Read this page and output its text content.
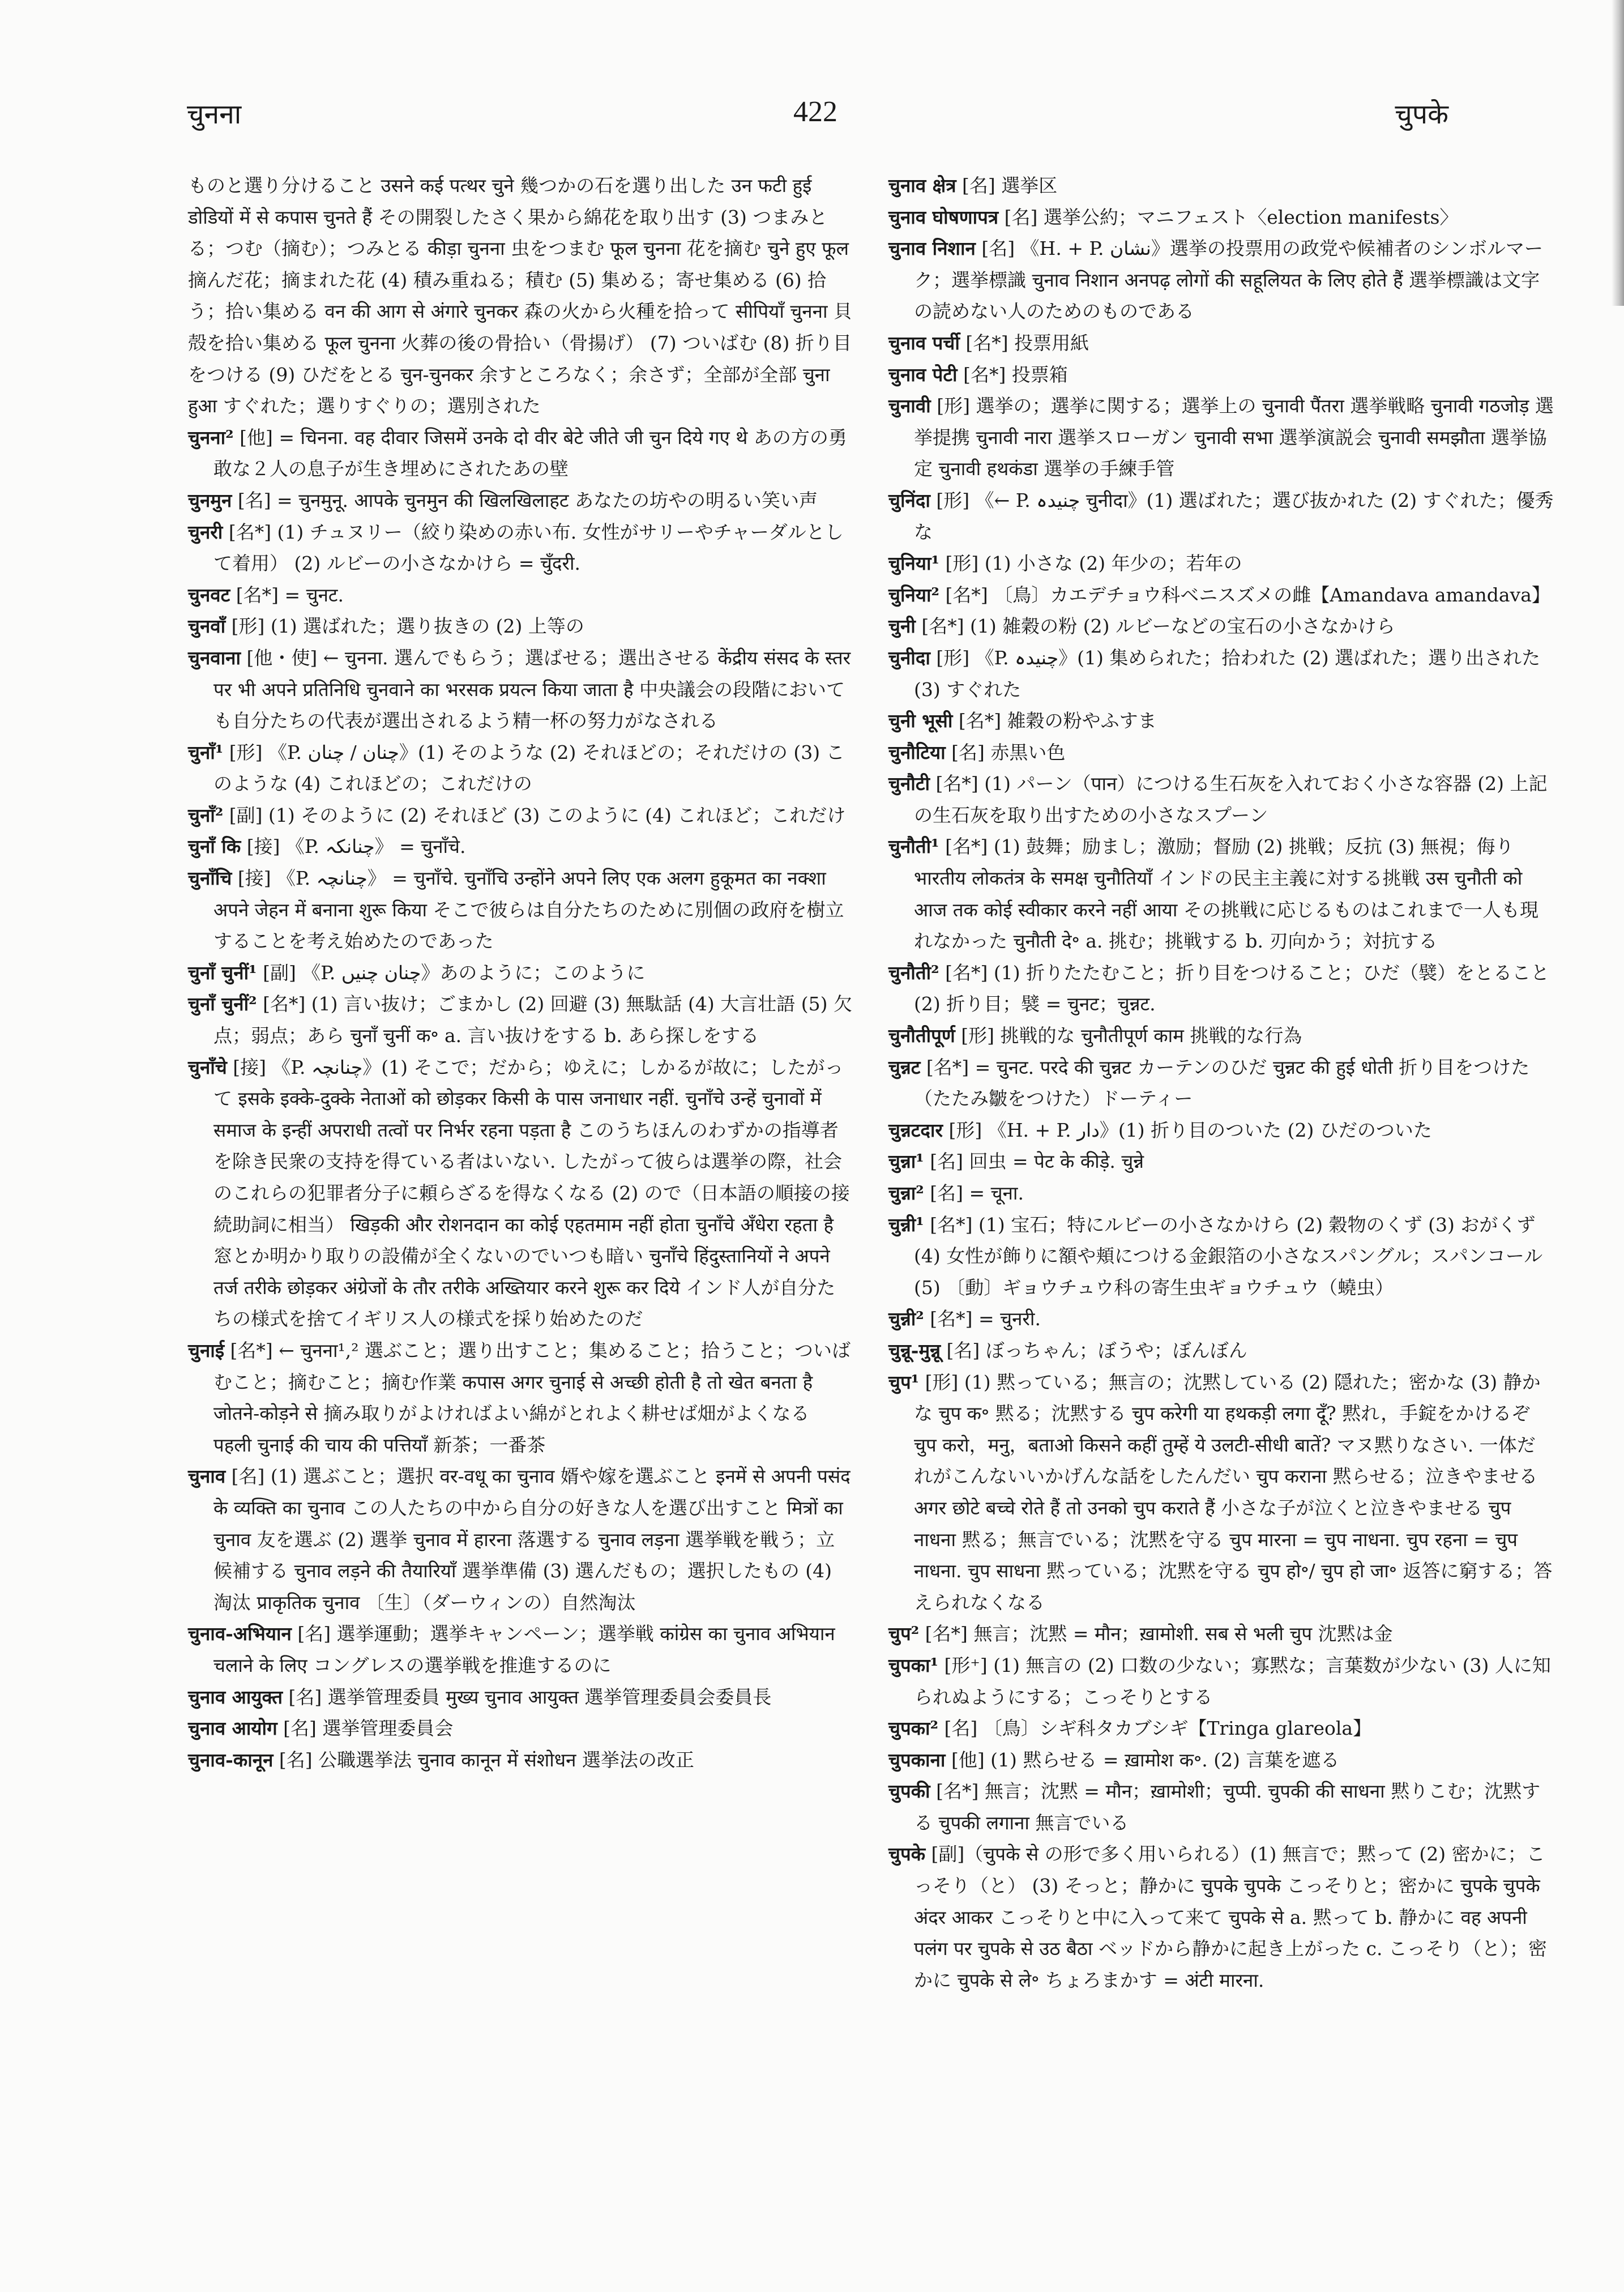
चुनना	422	चुपके

ものと選り分けること उसने कई पत्थर चुने 幾つかの石を選り出した उन फटी हुई डोडियों में से कपास चुनते हैं その開裂したさく果から綿花を取り出す (3) つまみとる；つむ（摘む）；つみとる कीड़ा चुनना 虫をつまむ फूल चुनना 花を摘む चुने हुए फूल 摘んだ花；摘まれた花 (4) 積み重ねる；積む (5) 集める；寄せ集める (6) 拾う；拾い集める वन की आग से अंगारे चुनकर 森の火から火種を拾って सीपियाँ चुनना 貝殻を拾い集める फूल चुनना 火葬の後の骨拾い（骨揚げ） (7) ついばむ (8) 折り目をつける (9) ひだをとる चुन-चुनकर 余すところなく；余さず；全部が全部 चुना हुआ すぐれた；選りすぐりの；選別された

चुनना² [他] = चिनना. वह दीवार जिसमें उनके दो वीर बेटे जीते जी चुन दिये गए थे あの方の勇敢な２人の息子が生き埋めにされたあの壁

चुनमुन [名] = चुनमुनू. आपके चुनमुन की खिलखिलाहट あなたの坊やの明るい笑い声

चुनरी [名*] (1) チュヌリー（絞り染めの赤い布. 女性がサリーやチャーダルとして着用） (2) ルビーの小さなかけら = चुँदरी.

चुनवट [名*] = चुनट.

चुनवाँ [形] (1) 選ばれた；選り抜きの (2) 上等の

चुनवाना [他・使] ← चुनना. 選んでもらう；選ばせる；選出させる केंद्रीय संसद के स्तर पर भी अपने प्रतिनिधि चुनवाने का भरसक प्रयत्न किया जाता है 中央議会の段階においても自分たちの代表が選出されるよう精一杯の努力がなされる

चुनाँ¹ [形] 《P. چنان / چنان》(1) そのような (2) それほどの；それだけの (3) このような (4) これほどの；これだけの

चुनाँ² [副] (1) そのように (2) それほど (3) このように (4) これほど；これだけ

चुनाँ कि [接] 《P. چنانکہ》 = चुनाँचे.

चुनाँचि [接] 《P. چنانچہ》 = चुनाँचे. चुनाँचि उन्होंने अपने लिए एक अलग हुकूमत का नक्शा अपने जेहन में बनाना शुरू किया そこで彼らは自分たちのために別個の政府を樹立することを考え始めたのであった

चुनाँ चुनीं¹ [副] 《P. چنان چنیں》あのように；このように

चुनाँ चुनीं² [名*] (1) 言い抜け；ごまかし (2) 回避 (3) 無駄話 (4) 大言壮語 (5) 欠点；弱点；あら चुनाँ चुनीं क॰ a. 言い抜けをする b. あら探しをする

चुनाँचे [接] 《P. چنانچہ》(1) そこで；だから；ゆえに；しかるが故に；したがって इसके इक्के-दुक्के नेताओं को छोड़कर किसी के पास जनाधार नहीं. चुनाँचे उन्हें चुनावों में समाज के इन्हीं अपराधी तत्वों पर निर्भर रहना पड़ता है このうちほんのわずかの指導者を除き民衆の支持を得ている者はいない. したがって彼らは選挙の際，社会のこれらの犯罪者分子に頼らざるを得なくなる (2) ので（日本語の順接の接続助詞に相当） खिड़की और रोशनदान का कोई एहतमाम नहीं होता चुनाँचे अँधेरा रहता है 窓とか明かり取りの設備が全くないのでいつも暗い चुनाँचे हिंदुस्तानियों ने अपने तर्ज तरीके छोड़कर अंग्रेजों के तौर तरीके अख्तियार करने शुरू कर दिये インド人が自分たちの様式を捨てイギリス人の様式を採り始めたのだ

चुनाई [名*] ← चुनना¹,² 選ぶこと；選り出すこと；集めること；拾うこと；ついばむこと；摘むこと；摘む作業 कपास अगर चुनाई से अच्छी होती है तो खेत बनता है जोतने-कोड़ने से 摘み取りがよければよい綿がとれよく耕せば畑がよくなる पहली चुनाई की चाय की पत्तियाँ 新茶；一番茶

चुनाव [名] (1) 選ぶこと；選択 वर-वधू का चुनाव 婿や嫁を選ぶこと इनमें से अपनी पसंद के व्यक्ति का चुनाव この人たちの中から自分の好きな人を選び出すこと मित्रों का चुनाव 友を選ぶ (2) 選挙 चुनाव में हारना 落選する चुनाव लड़ना 選挙戦を戦う；立候補する चुनाव लड़ने की तैयारियाँ 選挙準備 (3) 選んだもの；選択したもの (4) 淘汰 प्राकृतिक चुनाव 〔生〕（ダーウィンの）自然淘汰

चुनाव-अभियान [名] 選挙運動；選挙キャンペーン；選挙戦 कांग्रेस का चुनाव अभियान चलाने के लिए コングレスの選挙戦を推進するのに

चुनाव आयुक्त [名] 選挙管理委員 मुख्य चुनाव आयुक्त 選挙管理委員会委員長

चुनाव आयोग [名] 選挙管理委員会

चुनाव-कानून [名] 公職選挙法 चुनाव कानून में संशोधन 選挙法の改正

चुनाव क्षेत्र [名] 選挙区

चुनाव घोषणापत्र [名] 選挙公約；マニフェスト〈election manifests〉

चुनाव निशान [名] 《H. + P. نشان》選挙の投票用の政党や候補者のシンボルマーク；選挙標識 चुनाव निशान अनपढ़ लोगों की सहूलियत के लिए होते हैं 選挙標識は文字の読めない人のためのものである

चुनाव पर्ची [名*] 投票用紙

चुनाव पेटी [名*] 投票箱

चुनावी [形] 選挙の；選挙に関する；選挙上の चुनावी पैंतरा 選挙戦略 चुनावी गठजोड़ 選挙提携 चुनावी नारा 選挙スローガン चुनावी सभा 選挙演説会 चुनावी समझौता 選挙協定 चुनावी हथकंडा 選挙の手練手管

चुनिंदा [形] 《← P. چنیدہ चुनीदा》(1) 選ばれた；選び抜かれた (2) すぐれた；優秀な

चुनिया¹ [形] (1) 小さな (2) 年少の；若年の

चुनिया² [名*] 〔鳥〕カエデチョウ科ベニスズメの雌【Amandava amandava】

चुनी [名*] (1) 雑穀の粉 (2) ルビーなどの宝石の小さなかけら

चुनीदा [形] 《P. چنیدہ》(1) 集められた；拾われた (2) 選ばれた；選り出された (3) すぐれた

चुनी भूसी [名*] 雑穀の粉やふすま

चुनौटिया [名] 赤黒い色

चुनौटी [名*] (1) パーン（पान）につける生石灰を入れておく小さな容器 (2) 上記の生石灰を取り出すための小さなスプーン

चुनौती¹ [名*] (1) 鼓舞；励まし；激励；督励 (2) 挑戦；反抗 (3) 無視；侮り भारतीय लोकतंत्र के समक्ष चुनौतियाँ インドの民主主義に対する挑戦 उस चुनौती को आज तक कोई स्वीकार करने नहीं आया その挑戦に応じるものはこれまで一人も現れなかった चुनौती दे॰ a. 挑む；挑戦する b. 刃向かう；対抗する

चुनौती² [名*] (1) 折りたたむこと；折り目をつけること；ひだ（襞）をとること (2) 折り目；襞 = चुनट；चुन्नट.

चुनौतीपूर्ण [形] 挑戦的な चुनौतीपूर्ण काम 挑戦的な行為

चुन्नट [名*] = चुनट. परदे की चुन्नट カーテンのひだ चुन्नट की हुई धोती 折り目をつけた（たたみ皺をつけた）ドーティー

चुन्नटदार [形] 《H. + P. دار》(1) 折り目のついた (2) ひだのついた

चुन्ना¹ [名] 回虫 = पेट के कीड़े. चुन्ने

चुन्ना² [名] = चूना.

चुन्नी¹ [名*] (1) 宝石；特にルビーの小さなかけら (2) 穀物のくず (3) おがくず (4) 女性が飾りに額や頬につける金銀箔の小さなスパングル；スパンコール (5) 〔動〕ギョウチュウ科の寄生虫ギョウチュウ（蟯虫）

चुन्नी² [名*] = चुनरी.

चुन्नू-मुन्नू [名] ぼっちゃん；ぼうや；ぼんぼん

चुप¹ [形] (1) 黙っている；無言の；沈黙している (2) 隠れた；密かな (3) 静かな चुप क॰ 黙る；沈黙する चुप करेगी या हथकड़ी लगा दूँ? 黙れ，手錠をかけるぞ चुप करो，मनु，बताओ किसने कहीं तुम्हें ये उलटी-सीधी बातें? マヌ黙りなさい. 一体だれがこんないいかげんな話をしたんだい चुप कराना 黙らせる；泣きやませる अगर छोटे बच्चे रोते हैं तो उनको चुप कराते हैं 小さな子が泣くと泣きやませる चुप नाधना 黙る；無言でいる；沈黙を守る चुप मारना = चुप नाधना. चुप रहना = चुप नाधना. चुप साधना 黙っている；沈黙を守る चुप हो॰/ चुप हो जा॰ 返答に窮する；答えられなくなる

चुप² [名*] 無言；沈黙 = मौन；ख़ामोशी. सब से भली चुप 沈黙は金

चुपका¹ [形⁺] (1) 無言の (2) 口数の少ない；寡黙な；言葉数が少ない (3) 人に知られぬようにする；こっそりとする

चुपका² [名] 〔鳥〕シギ科タカブシギ【Tringa glareola】

चुपकाना [他] (1) 黙らせる = ख़ामोश क॰. (2) 言葉を遮る

चुपकी [名*] 無言；沈黙 = मौन；ख़ामोशी；चुप्पी. चुपकी की साधना 黙りこむ；沈黙する चुपकी लगाना 無言でいる

चुपके [副]（चुपके से の形で多く用いられる）(1) 無言で；黙って (2) 密かに；こっそり（と） (3) そっと；静かに चुपके चुपके こっそりと；密かに चुपके चुपके अंदर आकर こっそりと中に入って来て चुपके से a. 黙って b. 静かに वह अपनी पलंग पर चुपके से उठ बैठा ベッドから静かに起き上がった c. こっそり（と）；密かに चुपके से ले॰ ちょろまかす = अंटी मारना.
